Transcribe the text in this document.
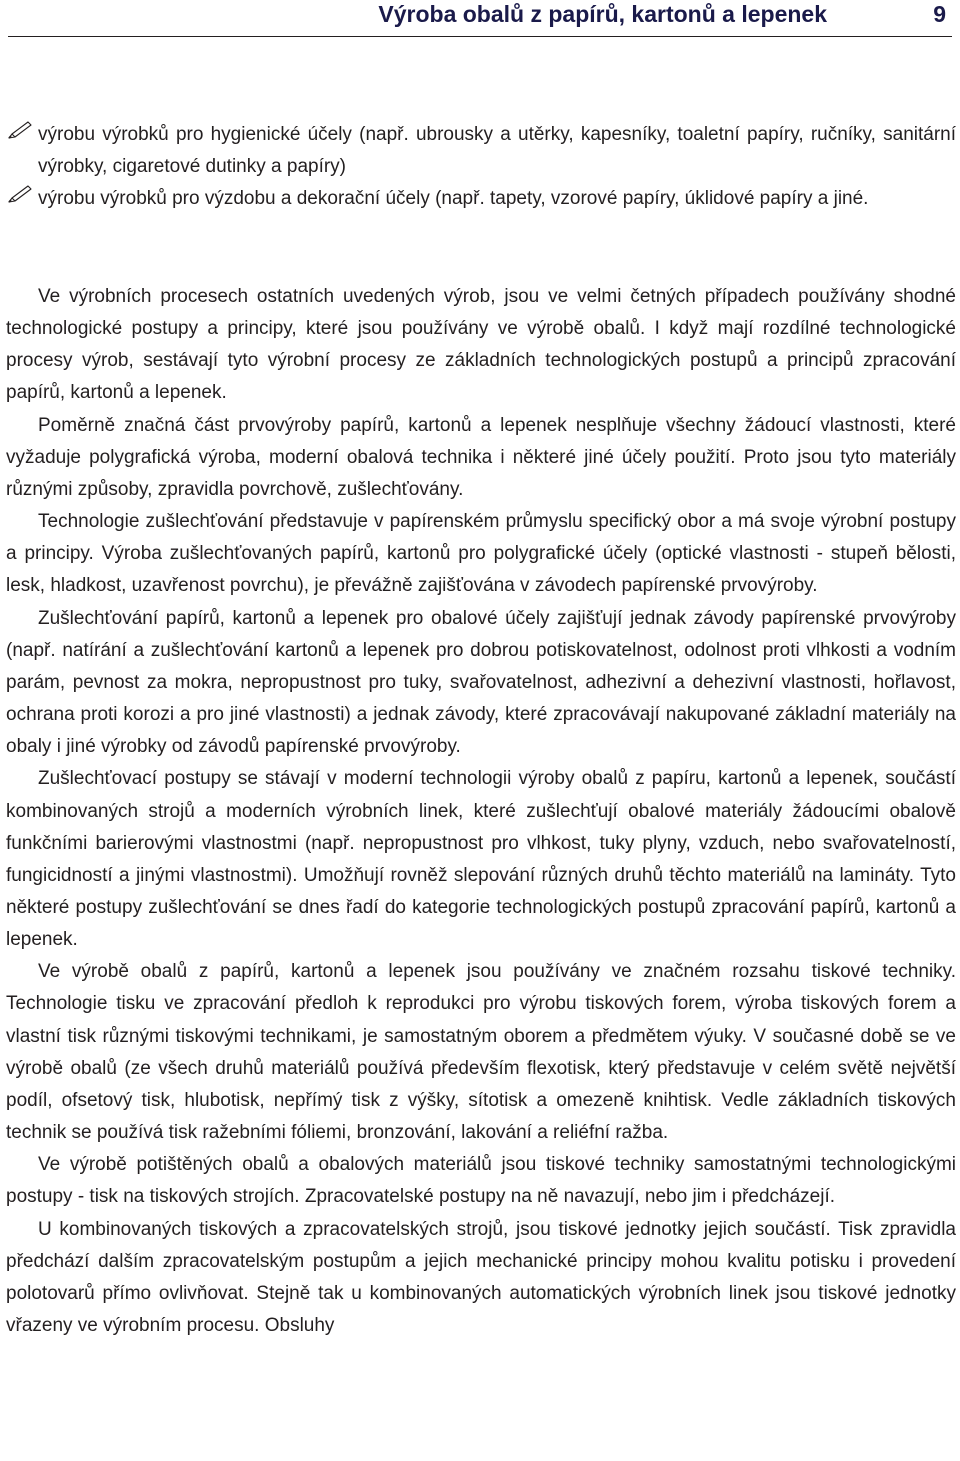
Výroba obalů z papírů, kartonů a lepenek	9

výrobu výrobků pro hygienické účely (např. ubrousky a utěrky, kapesníky, toaletní papíry, ručníky, sanitární výrobky, cigaretové dutinky a papíry)

výrobu výrobků pro výzdobu a dekorační účely (např. tapety, vzorové papíry, úklidové papíry a jiné.

Ve výrobních procesech ostatních uvedených výrob, jsou ve velmi četných případech používány shodné technologické postupy a principy, které jsou používány ve výrobě obalů. I když mají rozdílné technologické procesy výrob, sestávají tyto výrobní procesy ze základních technologických postupů a principů zpracování papírů, kartonů a lepenek.

Poměrně značná část prvovýroby papírů, kartonů a lepenek nesplňuje všechny žádoucí vlastnosti, které vyžaduje polygrafická výroba, moderní obalová technika i některé jiné účely použití. Proto jsou tyto materiály různými způsoby, zpravidla povrchově, zušlechťovány.

Technologie zušlechťování představuje v papírenském průmyslu specifický obor a má svoje výrobní postupy a principy. Výroba zušlechťovaných papírů, kartonů pro polygrafické účely (optické vlastnosti - stupeň bělosti, lesk, hladkost, uzavřenost povrchu), je převážně zajišťována v závodech papírenské prvovýroby.

Zušlechťování papírů, kartonů a lepenek pro obalové účely zajišťují jednak závody papírenské prvovýroby (např. natírání a zušlechťování kartonů a lepenek pro dobrou potiskovatelnost, odolnost proti vlhkosti a vodním parám, pevnost za mokra, nepropustnost pro tuky, svařovatelnost, adhezivní a dehezivní vlastnosti, hořlavost, ochrana proti korozi a pro jiné vlastnosti) a jednak závody, které zpracovávají nakupované základní materiály na obaly i jiné výrobky od závodů papírenské prvovýroby.

Zušlechťovací postupy se stávají v moderní technologii výroby obalů z papíru, kartonů a lepenek, součástí kombinovaných strojů a moderních výrobních linek, které zušlechťují obalové materiály žádoucími obalově funkčními barierovými vlastnostmi (např. nepropustnost pro vlhkost, tuky plyny, vzduch, nebo svařovatelností, fungicidností a jinými vlastnostmi). Umožňují rovněž slepování různých druhů těchto materiálů na lamináty. Tyto některé postupy zušlechťování se dnes řadí do kategorie technologických postupů zpracování papírů, kartonů a lepenek.

Ve výrobě obalů z papírů, kartonů a lepenek jsou používány ve značném rozsahu tiskové techniky. Technologie tisku ve zpracování předloh k reprodukci pro výrobu tiskových forem, výroba tiskových forem a vlastní tisk různými tiskovými technikami, je samostatným oborem a předmětem výuky. V současné době se ve výrobě obalů (ze všech druhů materiálů používá především flexotisk, který představuje v celém světě největší podíl, ofsetový tisk, hlubotisk, nepřímý tisk z výšky, sítotisk a omezeně knihtisk. Vedle základních tiskových technik se používá tisk ražebními fóliemi, bronzování, lakování a reliéfní ražba.

Ve výrobě potištěných obalů a obalových materiálů jsou tiskové techniky samostatnými technologickými postupy - tisk na tiskových strojích. Zpracovatelské postupy na ně navazují, nebo jim i předcházejí.

U kombinovaných tiskových a zpracovatelských strojů, jsou tiskové jednotky jejich součástí. Tisk zpravidla předchází dalším zpracovatelským postupům a jejich mechanické principy mohou kvalitu potisku i provedení polotovarů přímo ovlivňovat. Stejně tak u kombinovaných automatických výrobních linek jsou tiskové jednotky vřazeny ve výrobním procesu. Obsluhy
